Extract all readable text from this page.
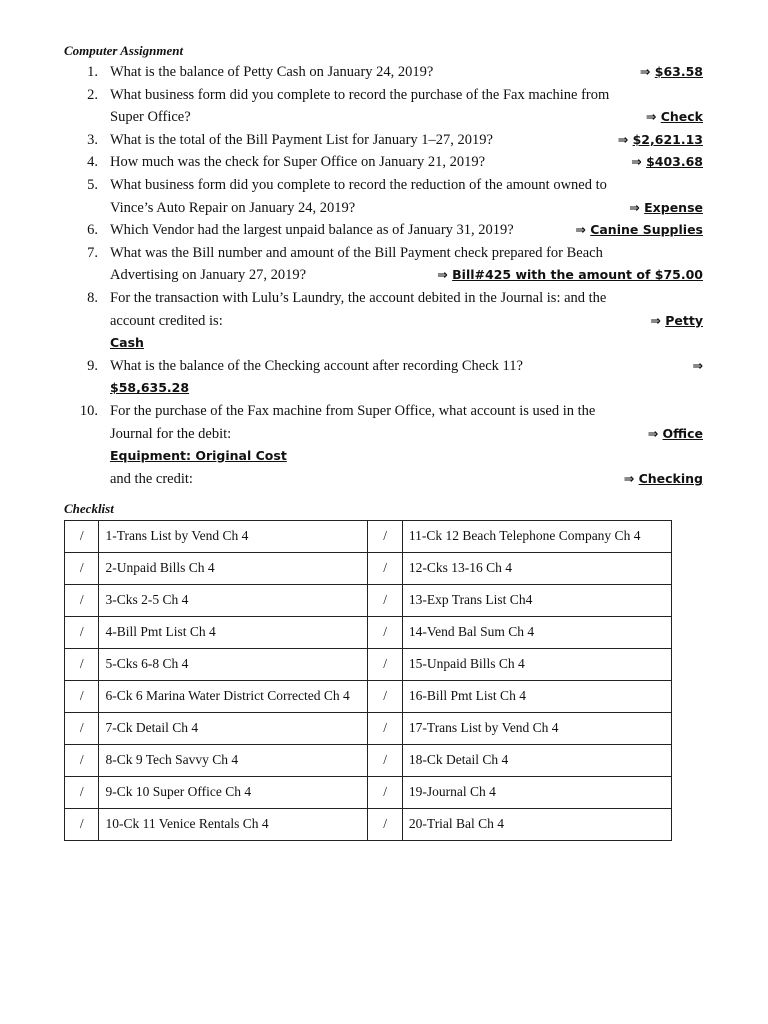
Computer Assignment
1. What is the balance of Petty Cash on January 24, 2019?	⇒ $63.58
2. What business form did you complete to record the purchase of the Fax machine from
Super Office?	⇒ Check
3. What is the total of the Bill Payment List for January 1–27, 2019?	⇒ $2,621.13
4. How much was the check for Super Office on January 21, 2019?	⇒ $403.68
5. What business form did you complete to record the reduction of the amount owned to
Vince’s Auto Repair on January 24, 2019?	⇒ Expense
6. Which Vendor had the largest unpaid balance as of January 31, 2019?	⇒ Canine Supplies
7. What was the Bill number and amount of the Bill Payment check prepared for Beach
Advertising on January 27, 2019?	⇒ Bill#425 with the amount of $75.00
8. For the transaction with Lulu’s Laundry, the account debited in the Journal is: and the
account credited is:	⇒ Petty
Cash
9. What is the balance of the Checking account after recording Check 11?	⇒
$58,635.28
10. For the purchase of the Fax machine from Super Office, what account is used in the
Journal for the debit:	⇒ Office
Equipment: Original Cost
and the credit:	⇒ Checking
Checklist
/	1-Trans List by Vend Ch 4	/	11-Ck 12 Beach Telephone Company Ch 4
/	2-Unpaid Bills Ch 4	/	12-Cks 13-16 Ch 4
/	3-Cks 2-5 Ch 4	/	13-Exp Trans List Ch4
/	4-Bill Pmt List Ch 4	/	14-Vend Bal Sum Ch 4
/	5-Cks 6-8 Ch 4	/	15-Unpaid Bills Ch 4
/	6-Ck 6 Marina Water District Corrected Ch 4	/	16-Bill Pmt List Ch 4
/	7-Ck Detail Ch 4	/	17-Trans List by Vend Ch 4
/	8-Ck 9 Tech Savvy Ch 4	/	18-Ck Detail Ch 4
/	9-Ck 10 Super Office Ch 4	/	19-Journal Ch 4
/	10-Ck 11 Venice Rentals Ch 4	/	20-Trial Bal Ch 4
